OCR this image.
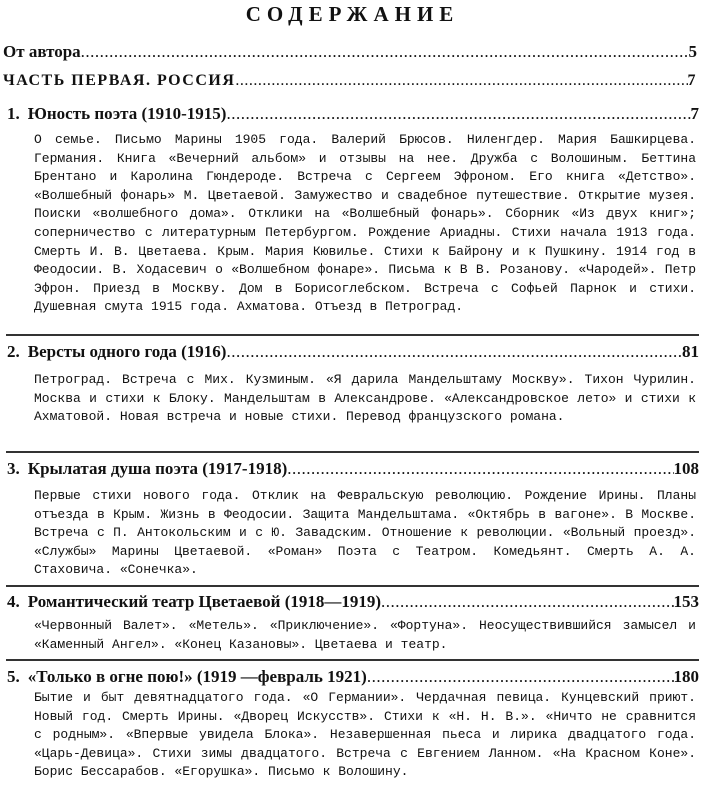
СОДЕРЖАНИЕ
От автора .....	5
ЧАСТЬ ПЕРВАЯ. РОССИЯ .....	7
1. Юность поэта (1910-1915) .....	7

О семье. Письмо Марины 1905 года. Валерий Брюсов. Ниленгдер. Мария Башкирцева. Германия. Книга «Вечерний альбом» и отзывы на нее. Дружба с Волошиным. Беттина Брентано и Каролина Гюндероде. Встреча с Сергеем Эфроном. Его книга «Детство». «Волшебный фонарь» М. Цветаевой. Замужество и свадебное путешествие. Открытие музея. Поиски «волшебного дома». Отклики на «Волшебный фонарь». Сборник «Из двух книг»; соперничество с литературным Петербургом. Рождение Ариадны. Стихи начала 1913 года. Смерть И. В. Цветаева. Крым. Мария Кювилье. Стихи к Байрону и к Пушкину. 1914 год в Феодосии. В. Ходасевич о «Волшебном фонаре». Письма к В В. Розанову. «Чародей». Петр Эфрон. Приезд в Москву. Дом в Борисоглебском. Встреча с Софьей Парнок и стихи. Душевная смута 1915 года. Ахматова. Отъезд в Петроград.

2. Версты одного года (1916) .....	81

Петроград. Встреча с Мих. Кузминым. «Я дарила Мандельштаму Москву». Тихон Чурилин. Москва и стихи к Блоку. Мандельштам в Александрове. «Александровское лето» и стихи к Ахматовой. Новая встреча и новые стихи. Перевод французского романа.

3. Крылатая душа поэта (1917-1918) .....	108

Первые стихи нового года. Отклик на Февральскую революцию. Рождение Ирины. Планы отъезда в Крым. Жизнь в Феодосии. Защита Мандельштама. «Октябрь в вагоне». В Москве. Встреча с П. Антокольским и с Ю. Завадским. Отношение к революции. «Вольный проезд». «Службы» Марины Цветаевой. «Роман» Поэта с Театром. Комедьянт. Смерть А. А. Стаховича. «Сонечка».

4. Романтический театр Цветаевой (1918—1919) .....	153

«Червонный Валет». «Метель». «Приключение». «Фортуна». Неосуществившийся замысел и «Каменный Ангел». «Конец Казановы». Цветаева и театр.

5. «Только в огне пою!» (1919 —февраль 1921) .....	180

Бытие и быт девятнадцатого года. «О Германии». Чердачная певица. Кунцевский приют. Новый год. Смерть Ирины. «Дворец Искусств». Стихи к «Н. Н. В.». «Ничто не сравнится с родным». «Впервые увидела Блока». Незавершенная пьеса и лирика двадцатого года. «Царь-Девица». Стихи зимы двадцатого. Встреча с Евгением Ланном. «На Красном Коне». Борис Бессарабов. «Егорушка». Письмо к Волошину.
